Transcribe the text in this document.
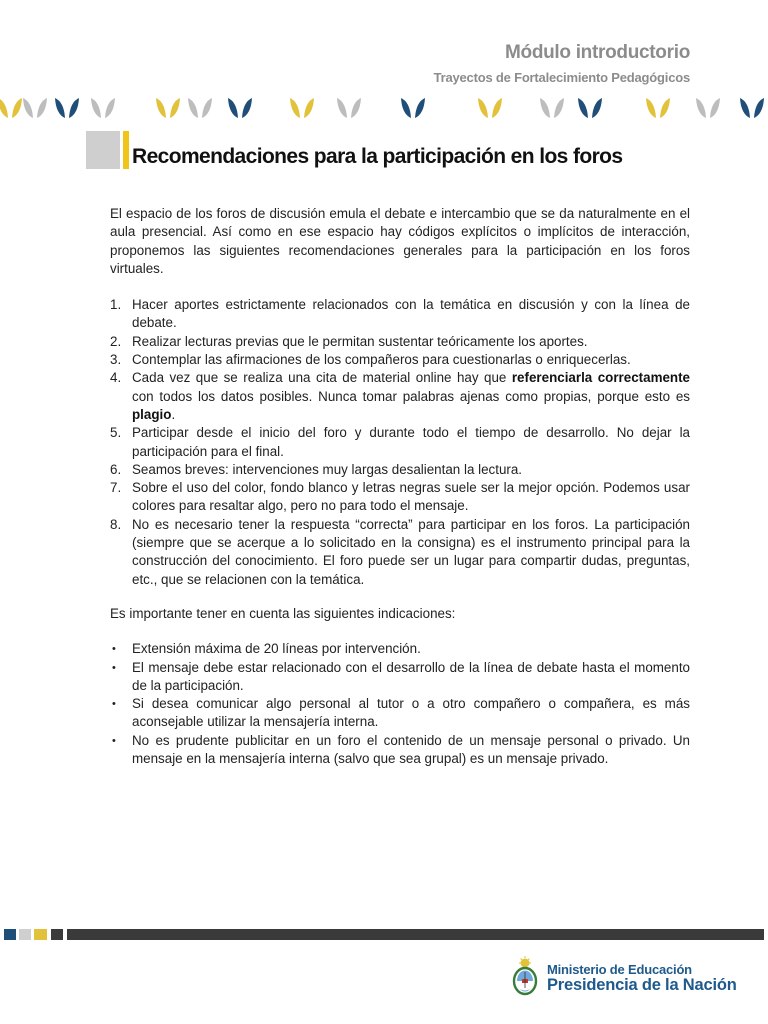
Módulo introductorio
Trayectos de Fortalecimiento Pedagógicos
Recomendaciones para la participación en los foros

El espacio de los foros de discusión emula el debate e intercambio que se da naturalmente en el aula presencial. Así como en ese espacio hay códigos explícitos o implícitos de interacción, proponemos las siguientes recomendaciones generales para la participación en los foros virtuales.

1. Hacer aportes estrictamente relacionados con la temática en discusión y con la línea de debate.
2. Realizar lecturas previas que le permitan sustentar teóricamente los aportes.
3. Contemplar las afirmaciones de los compañeros para cuestionarlas o enriquecerlas.
4. Cada vez que se realiza una cita de material online hay que referenciarla correctamente con todos los datos posibles. Nunca tomar palabras ajenas como propias, porque esto es plagio.
5. Participar desde el inicio del foro y durante todo el tiempo de desarrollo. No dejar la participación para el final.
6. Seamos breves: intervenciones muy largas desalientan la lectura.
7. Sobre el uso del color, fondo blanco y letras negras suele ser la mejor opción. Podemos usar colores para resaltar algo, pero no para todo el mensaje.
8. No es necesario tener la respuesta “correcta” para participar en los foros. La participación (siempre que se acerque a lo solicitado en la consigna) es el instrumento principal para la construcción del conocimiento. El foro puede ser un lugar para compartir dudas, preguntas, etc., que se relacionen con la temática.

Es importante tener en cuenta las siguientes indicaciones:

• Extensión máxima de 20 líneas por intervención.
• El mensaje debe estar relacionado con el desarrollo de la línea de debate hasta el momento de la participación.
• Si desea comunicar algo personal al tutor o a otro compañero o compañera, es más aconsejable utilizar la mensajería interna.
• No es prudente publicitar en un foro el contenido de un mensaje personal o privado. Un mensaje en la mensajería interna (salvo que sea grupal) es un mensaje privado.
Ministerio de Educación
Presidencia de la Nación
